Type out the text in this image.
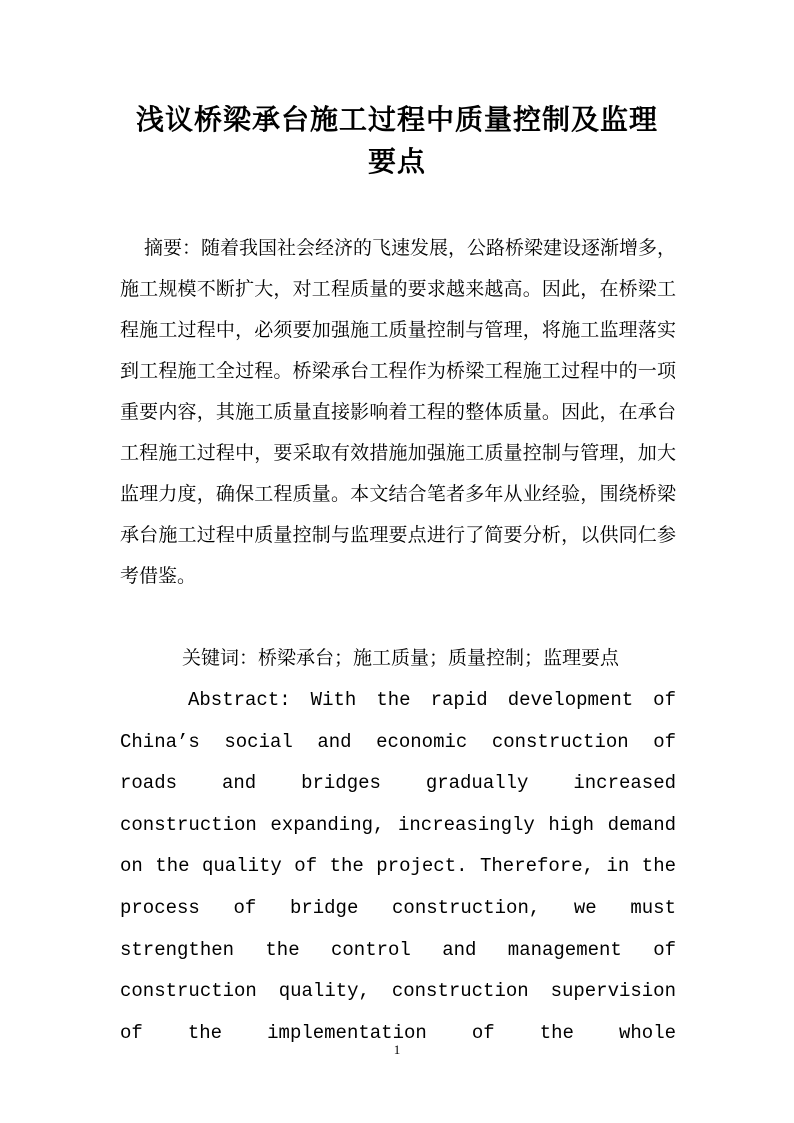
浅议桥梁承台施工过程中质量控制及监理
要点

摘要：随着我国社会经济的飞速发展，公路桥梁建设逐渐增多，施工规模不断扩大，对工程质量的要求越来越高。因此，在桥梁工程施工过程中，必须要加强施工质量控制与管理，将施工监理落实到工程施工全过程。桥梁承台工程作为桥梁工程施工过程中的一项重要内容，其施工质量直接影响着工程的整体质量。因此，在承台工程施工过程中，要采取有效措施加强施工质量控制与管理，加大监理力度，确保工程质量。本文结合笔者多年从业经验，围绕桥梁承台施工过程中质量控制与监理要点进行了简要分析，以供同仁参考借鉴。

关键词：桥梁承台；施工质量；质量控制；监理要点

Abstract: With the rapid development of China’s social and economic construction of roads and bridges gradually increased construction expanding, increasingly high demand on the quality of the project. Therefore, in the process of bridge construction, we must strengthen the control and management of construction quality, construction supervision of the implementation of the whole

1
